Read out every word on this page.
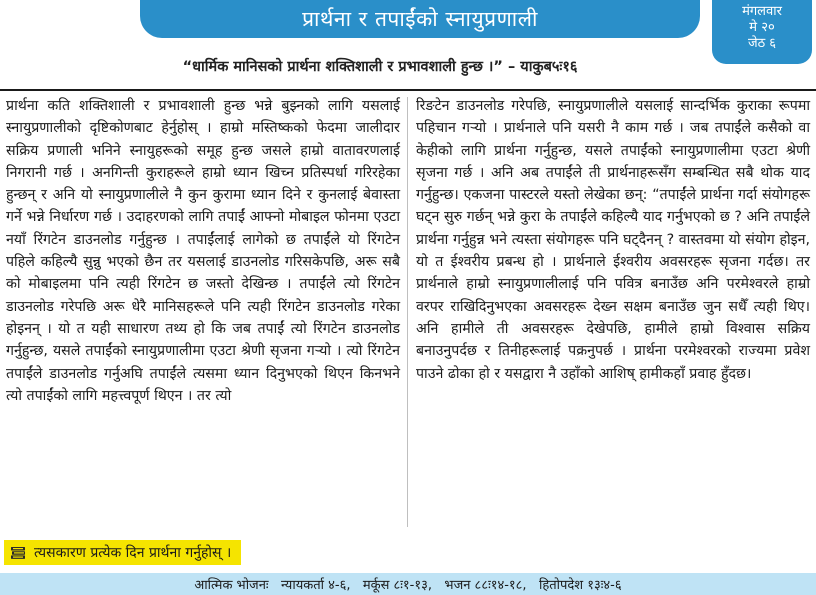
प्रार्थना र तपाईंको स्नायुप्रणाली	मंगलवार
मे २०
जेठ ६
“धार्मिक मानिसको प्रार्थना शक्तिशाली र प्रभावशाली हुन्छ ।” – याकुब५ः१६
प्रार्थना कति शक्तिशाली र प्रभावशाली हुन्छ भन्ने बुझ्नको लागि यसलाई स्नायुप्रणालीको दृष्टिकोणबाट हेर्नुहोस् । हाम्रो मस्तिष्कको फेदमा जालीदार सक्रिय प्रणाली भनिने स्नायुहरूको समूह हुन्छ जसले हाम्रो वातावरणलाई निगरानी गर्छ । अनगिन्ती कुराहरूले हाम्रो ध्यान खिच्न प्रतिस्पर्धा गरिरहेका हुन्छन् र अनि यो स्नायुप्रणालीले नै कुन कुरामा ध्यान दिने र कुनलाई बेवास्ता गर्ने भन्ने निर्धारण गर्छ । उदाहरणको लागि तपाईं आफ्नो मोबाइल फोनमा एउटा नयाँ रिंगटेन डाउनलोड गर्नुहुन्छ । तपाईंलाई लागेको छ तपाईंले यो रिंगटेन पहिले कहिल्यै सुन्नु भएको छैन तर यसलाई डाउनलोड गरिसकेपछि, अरू सबै को मोबाइलमा पनि त्यही रिंगटेन छ जस्तो देखिन्छ । तपाईंले त्यो रिंगटेन डाउनलोड गरेपछि अरू धेरै मानिसहरूले पनि त्यही रिंगटेन डाउनलोड गरेका होइनन् । यो त यही साधारण तथ्य हो कि जब तपाईं त्यो रिंगटेन डाउनलोड गर्नुहुन्छ, यसले तपाईंको स्नायुप्रणालीमा एउटा श्रेणी सृजना गर्‍यो । त्यो रिंगटेन तपाईंले डाउनलोड गर्नुअघि तपाईंले त्यसमा ध्यान दिनुभएको थिएन किनभने त्यो तपाईंको लागि महत्त्वपूर्ण थिएन । तर त्यो
रिङटेन डाउनलोड गरेपछि, स्नायुप्रणालीले यसलाई सान्दर्भिक कुराका रूपमा पहिचान गर्‍यो । प्रार्थनाले पनि यसरी नै काम गर्छ । जब तपाईंले कसैको वा केहीको लागि प्रार्थना गर्नुहुन्छ, यसले तपाईंको स्नायुप्रणालीमा एउटा श्रेणी सृजना गर्छ । अनि अब तपाईंले ती प्रार्थनाहरूसँग सम्बन्धित सबै थोक याद गर्नुहुन्छ। एकजना पास्टरले यस्तो लेखेका छन्: “तपाईंले प्रार्थना गर्दा संयोगहरू घट्न सुरु गर्छन् भन्ने कुरा के तपाईंले कहिल्यै याद गर्नुभएको छ ? अनि तपाईंले प्रार्थना गर्नुहुन्न भने त्यस्ता संयोगहरू पनि घट्दैनन् ? वास्तवमा यो संयोग होइन, यो त ईश्वरीय प्रबन्ध हो । प्रार्थनाले ईश्वरीय अवसरहरू सृजना गर्दछ। तर प्रार्थनाले हाम्रो स्नायुप्रणालीलाई पनि पवित्र बनाउँछ अनि परमेश्वरले हाम्रो वरपर राखिदिनुभएका अवसरहरू देख्न सक्षम बनाउँछ जुन सधैँ त्यही थिए। अनि हामीले ती अवसरहरू देखेपछि, हामीले हाम्रो विश्वास सक्रिय बनाउनुपर्दछ र तिनीहरूलाई पक्रनुपर्छ । प्रार्थना परमेश्वरको राज्यमा प्रवेश पाउने ढोका हो र यसद्वारा नै उहाँको आशिष् हामीकहाँ प्रवाह हुँदछ।
त्यसकारण प्रत्येक दिन प्रार्थना गर्नुहोस् ।
आत्मिक भोजनः   न्यायकर्ता ४-६,   मर्कूस ८ः१-१३,   भजन ८८ः१४-१८,   हितोपदेश १३ः४-६
